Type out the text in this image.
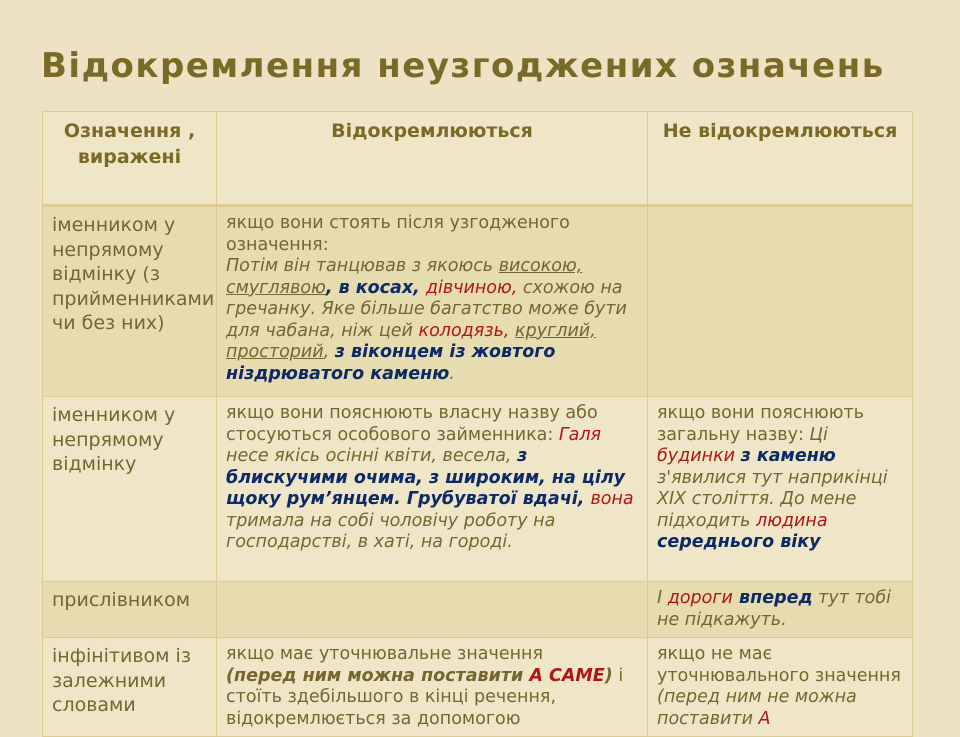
Відокремлення неузгоджених означень
Означення , виражені	Відокремлюються	Не відокремлюються
іменником у непрямому відмінку (з прийменниками чи без них)	якщо вони стоять після узгодженого означення:
Потім він танцював з якоюсь високою, смуглявою, в косах, дівчиною, схожою на гречанку. Яке більше багатство може бути для чабана, ніж цей колодязь, круглий, просторий, з віконцем із жовтого ніздрюватого каменю.	
іменником у непрямому відмінку	якщо вони пояснюють власну назву або стосуються особового займенника: Галя несе якісь осінні квіти, весела, з блискучими очима, з широким, на цілу щоку рум’янцем. Грубуватої вдачі, вона тримала на собі чоловічу роботу на господарстві, в хаті, на городі.	якщо вони пояснюють загальну назву: Ці будинки з каменю з'явилися тут наприкінці XIX століття. До мене підходить людина середнього віку
прислівником		І дороги вперед тут тобі не підкажуть.
інфінітивом із залежними словами	якщо має уточнювальне значення
(перед ним можна поставити А САМЕ) і стоїть здебільшого в кінці речення, відокремлюється за допомогою	якщо не має уточнювального значення (перед ним не можна поставити А
